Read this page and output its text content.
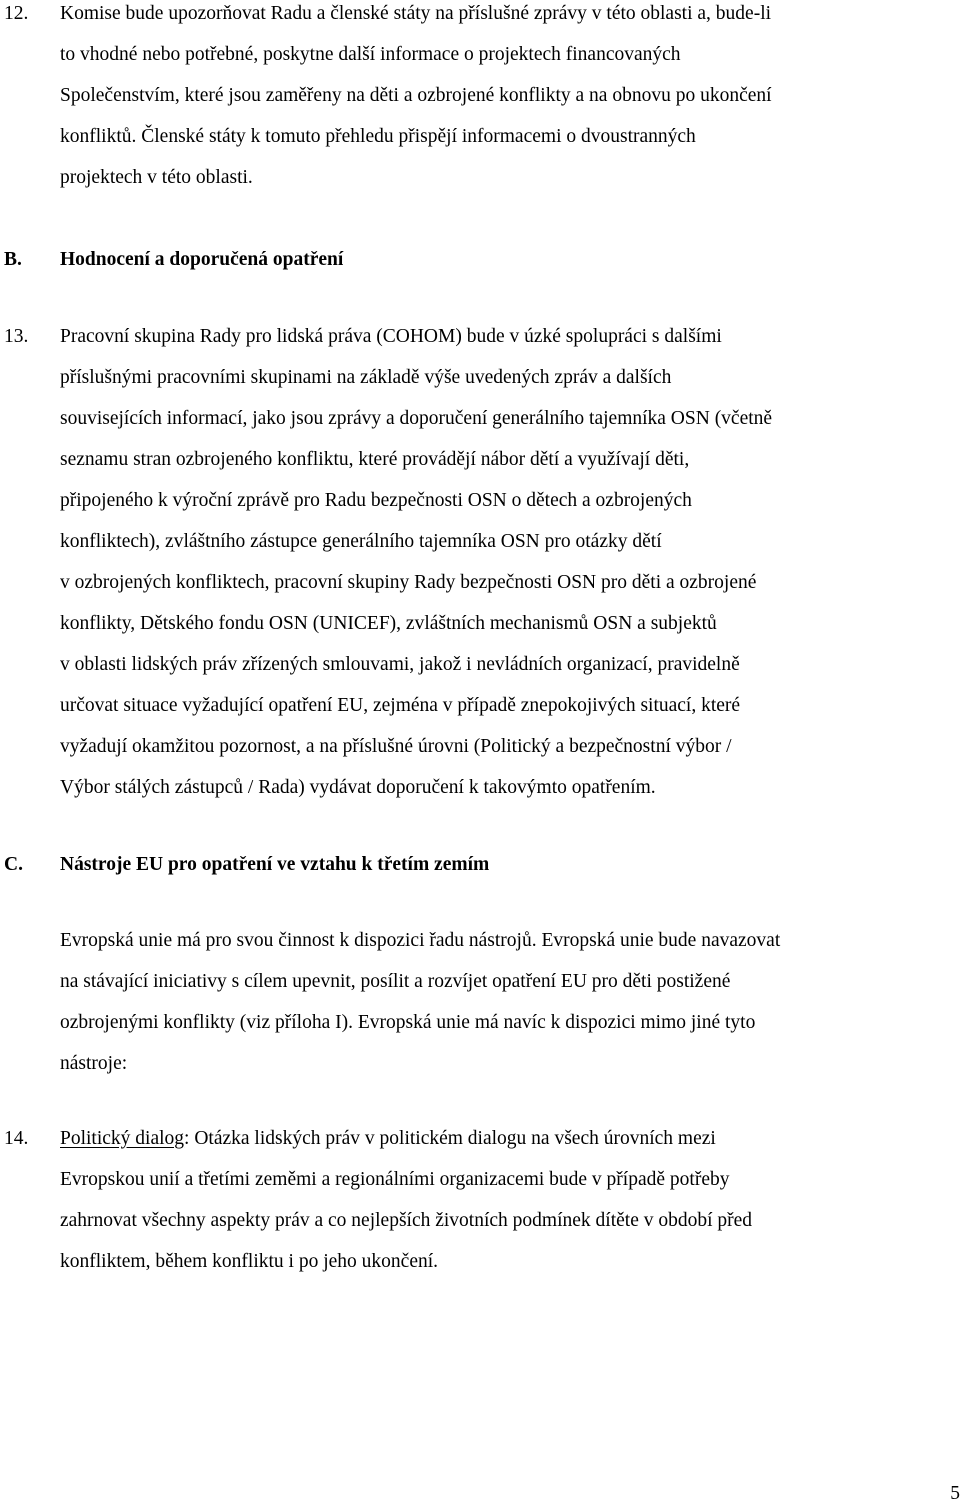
12. Komise bude upozorňovat Radu a členské státy na příslušné zprávy v této oblasti a, bude-li
to vhodné nebo potřebné, poskytne další informace o projektech financovaných
Společenstvím, které jsou zaměřeny na děti a ozbrojené konflikty a na obnovu po ukončení
konfliktů. Členské státy k tomuto přehledu přispějí informacemi o dvoustranných
projektech v této oblasti.
B. Hodnocení a doporučená opatření
13. Pracovní skupina Rady pro lidská práva (COHOM) bude v úzké spolupráci s dalšími
příslušnými pracovními skupinami na základě výše uvedených zpráv a dalších
souvisejících informací, jako jsou zprávy a doporučení generálního tajemníka OSN (včetně
seznamu stran ozbrojeného konfliktu, které provádějí nábor dětí a využívají děti,
připojeného k výroční zprávě pro Radu bezpečnosti OSN o dětech a ozbrojených
konfliktech), zvláštního zástupce generálního tajemníka OSN pro otázky dětí
v ozbrojených konfliktech, pracovní skupiny Rady bezpečnosti OSN pro děti a ozbrojené
konflikty, Dětského fondu OSN (UNICEF), zvláštních mechanismů OSN a subjektů
v oblasti lidských práv zřízených smlouvami, jakož i nevládních organizací, pravidelně
určovat situace vyžadující opatření EU, zejména v případě znepokojivých situací, které
vyžadují okamžitou pozornost, a na příslušné úrovni (Politický a bezpečnostní výbor /
Výbor stálých zástupců / Rada) vydávat doporučení k takovýmto opatřením.
C. Nástroje EU pro opatření ve vztahu k třetím zemím
Evropská unie má pro svou činnost k dispozici řadu nástrojů. Evropská unie bude navazovat
na stávající iniciativy s cílem upevnit, posílit a rozvíjet opatření EU pro děti postižené
ozbrojenými konflikty (viz příloha I). Evropská unie má navíc k dispozici mimo jiné tyto
nástroje:
14. Politický dialog: Otázka lidských práv v politickém dialogu na všech úrovních mezi
Evropskou unií a třetími zeměmi a regionálními organizacemi bude v případě potřeby
zahrnovat všechny aspekty práv a co nejlepších životních podmínek dítěte v období před
konfliktem, během konfliktu i po jeho ukončení.
5
